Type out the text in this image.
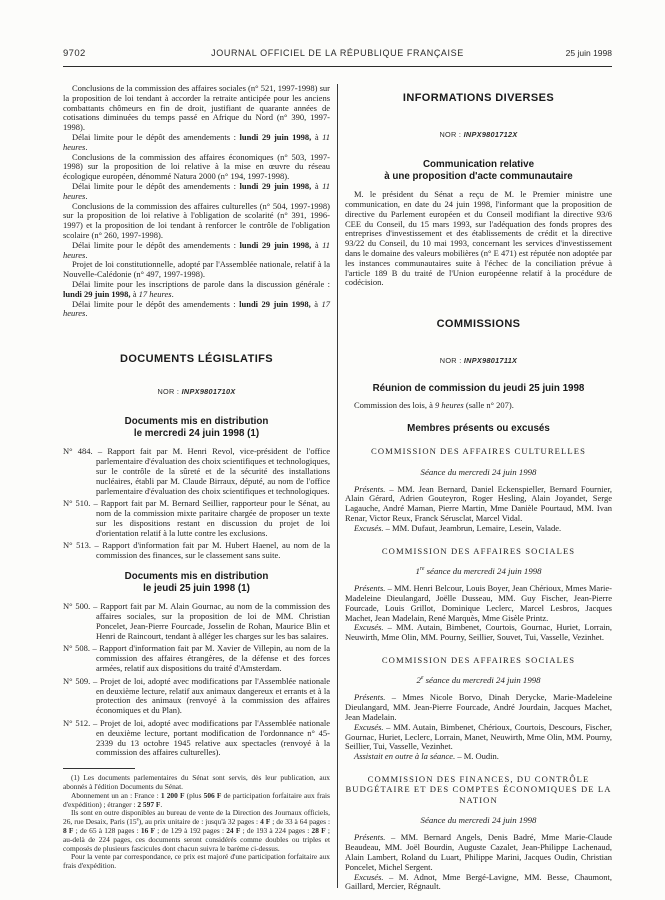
9702	JOURNAL OFFICIEL DE LA RÉPUBLIQUE FRANÇAISE	25 juin 1998

Conclusions de la commission des affaires sociales (n° 521, 1997-1998) sur la proposition de loi tendant à accorder la retraite anticipée pour les anciens combattants chômeurs en fin de droit, justifiant de quarante années de cotisations diminuées du temps passé en Afrique du Nord (n° 390, 1997-1998).

Délai limite pour le dépôt des amendements : lundi 29 juin 1998, à 11 heures.

Conclusions de la commission des affaires économiques (n° 503, 1997-1998) sur la proposition de loi relative à la mise en œuvre du réseau écologique européen, dénommé Natura 2000 (n° 194, 1997-1998).

Délai limite pour le dépôt des amendements : lundi 29 juin 1998, à 11 heures.

Conclusions de la commission des affaires culturelles (n° 504, 1997-1998) sur la proposition de loi relative à l'obligation de scolarité (n° 391, 1996-1997) et la proposition de loi tendant à renforcer le contrôle de l'obligation scolaire (n° 260, 1997-1998).

Délai limite pour le dépôt des amendements : lundi 29 juin 1998, à 11 heures.

Projet de loi constitutionnelle, adopté par l'Assemblée nationale, relatif à la Nouvelle-Calédonie (n° 497, 1997-1998).

Délai limite pour les inscriptions de parole dans la discussion générale : lundi 29 juin 1998, à 17 heures.

Délai limite pour le dépôt des amendements : lundi 29 juin 1998, à 17 heures.

DOCUMENTS LÉGISLATIFS
NOR : INPX9801710X
Documents mis en distribution
le mercredi 24 juin 1998 (1)

N° 484. – Rapport fait par M. Henri Revol, vice-président de l'office parlementaire d'évaluation des choix scientifiques et technologiques, sur le contrôle de la sûreté et de la sécurité des installations nucléaires, établi par M. Claude Birraux, député, au nom de l'office parlementaire d'évaluation des choix scientifiques et technologiques.

N° 510. – Rapport fait par M. Bernard Seillier, rapporteur pour le Sénat, au nom de la commission mixte paritaire chargée de proposer un texte sur les dispositions restant en discussion du projet de loi d'orientation relatif à la lutte contre les exclusions.

N° 513. – Rapport d'information fait par M. Hubert Haenel, au nom de la commission des finances, sur le classement sans suite.

Documents mis en distribution
le jeudi 25 juin 1998 (1)

N° 500. – Rapport fait par M. Alain Gournac, au nom de la commission des affaires sociales, sur la proposition de loi de MM. Christian Poncelet, Jean-Pierre Fourcade, Josselin de Rohan, Maurice Blin et Henri de Raincourt, tendant à alléger les charges sur les bas salaires.

N° 508. – Rapport d'information fait par M. Xavier de Villepin, au nom de la commission des affaires étrangères, de la défense et des forces armées, relatif aux dispositions du traité d'Amsterdam.

N° 509. – Projet de loi, adopté avec modifications par l'Assemblée nationale en deuxième lecture, relatif aux animaux dangereux et errants et à la protection des animaux (renvoyé à la commission des affaires économiques et du Plan).

N° 512. – Projet de loi, adopté avec modifications par l'Assemblée nationale en deuxième lecture, portant modification de l'ordonnance n° 45-2339 du 13 octobre 1945 relative aux spectacles (renvoyé à la commission des affaires culturelles).

(1) Les documents parlementaires du Sénat sont servis, dès leur publication, aux abonnés à l'édition Documents du Sénat.

Abonnement un an : France : 1 200 F (plus 506 F de participation forfaitaire aux frais d'expédition) ; étranger : 2 597 F.

Ils sont en outre disponibles au bureau de vente de la Direction des Journaux officiels, 26, rue Desaix, Paris (15e), au prix unitaire de : jusqu'à 32 pages : 4 F ; de 33 à 64 pages : 8 F ; de 65 à 128 pages : 16 F ; de 129 à 192 pages : 24 F ; de 193 à 224 pages : 28 F ; au-delà de 224 pages, ces documents seront considérés comme doubles ou triples et composés de plusieurs fascicules dont chacun suivra le barème ci-dessus.

Pour la vente par correspondance, ce prix est majoré d'une participation forfaitaire aux frais d'expédition.

INFORMATIONS DIVERSES
NOR : INPX9801712X
Communication relative
à une proposition d'acte communautaire

M. le président du Sénat a reçu de M. le Premier ministre une communication, en date du 24 juin 1998, l'informant que la proposition de directive du Parlement européen et du Conseil modifiant la directive 93/6 CEE du Conseil, du 15 mars 1993, sur l'adéquation des fonds propres des entreprises d'investissement et des établissements de crédit et la directive 93/22 du Conseil, du 10 mai 1993, concernant les services d'investissement dans le domaine des valeurs mobilières (n° E 471) est réputée non adoptée par les instances communautaires suite à l'échec de la conciliation prévue à l'article 189 B du traité de l'Union européenne relatif à la procédure de codécision.

COMMISSIONS
NOR : INPX9801711X
Réunion de commission du jeudi 25 juin 1998

Commission des lois, à 9 heures (salle n° 207).

Membres présents ou excusés
COMMISSION DES AFFAIRES CULTURELLES
Séance du mercredi 24 juin 1998

Présents. – MM. Jean Bernard, Daniel Eckenspieller, Bernard Fournier, Alain Gérard, Adrien Gouteyron, Roger Hesling, Alain Joyandet, Serge Lagauche, André Maman, Pierre Martin, Mme Danièle Pourtaud, MM. Ivan Renar, Victor Reux, Franck Sérusclat, Marcel Vidal.

Excusés. – MM. Dufaut, Jeambrun, Lemaire, Lesein, Valade.

COMMISSION DES AFFAIRES SOCIALES
1re séance du mercredi 24 juin 1998

Présents. – MM. Henri Belcour, Louis Boyer, Jean Chérioux, Mmes Marie-Madeleine Dieulangard, Joëlle Dusseau, MM. Guy Fischer, Jean-Pierre Fourcade, Louis Grillot, Dominique Leclerc, Marcel Lesbros, Jacques Machet, Jean Madelain, René Marquès, Mme Gisèle Printz.

Excusés. – MM. Autain, Bimbenet, Courtois, Gournac, Huriet, Lorrain, Neuwirth, Mme Olin, MM. Pourny, Seillier, Souvet, Tui, Vasselle, Vezinhet.

COMMISSION DES AFFAIRES SOCIALES
2e séance du mercredi 24 juin 1998

Présents. – Mmes Nicole Borvo, Dinah Derycke, Marie-Madeleine Dieulangard, MM. Jean-Pierre Fourcade, André Jourdain, Jacques Machet, Jean Madelain.

Excusés. – MM. Autain, Bimbenet, Chérioux, Courtois, Descours, Fischer, Gournac, Huriet, Leclerc, Lorrain, Manet, Neuwirth, Mme Olin, MM. Pourny, Seillier, Tui, Vasselle, Vezinhet.

Assistait en outre à la séance. – M. Oudin.

COMMISSION DES FINANCES, DU CONTRÔLE BUDGÉTAIRE ET DES COMPTES ÉCONOMIQUES DE LA NATION
Séance du mercredi 24 juin 1998

Présents. – MM. Bernard Angels, Denis Badré, Mme Marie-Claude Beaudeau, MM. Joël Bourdin, Auguste Cazalet, Jean-Philippe Lachenaud, Alain Lambert, Roland du Luart, Philippe Marini, Jacques Oudin, Christian Poncelet, Michel Sergent.

Excusés. – M. Adnot, Mme Bergé-Lavigne, MM. Besse, Chaumont, Gaillard, Mercier, Régnault.
